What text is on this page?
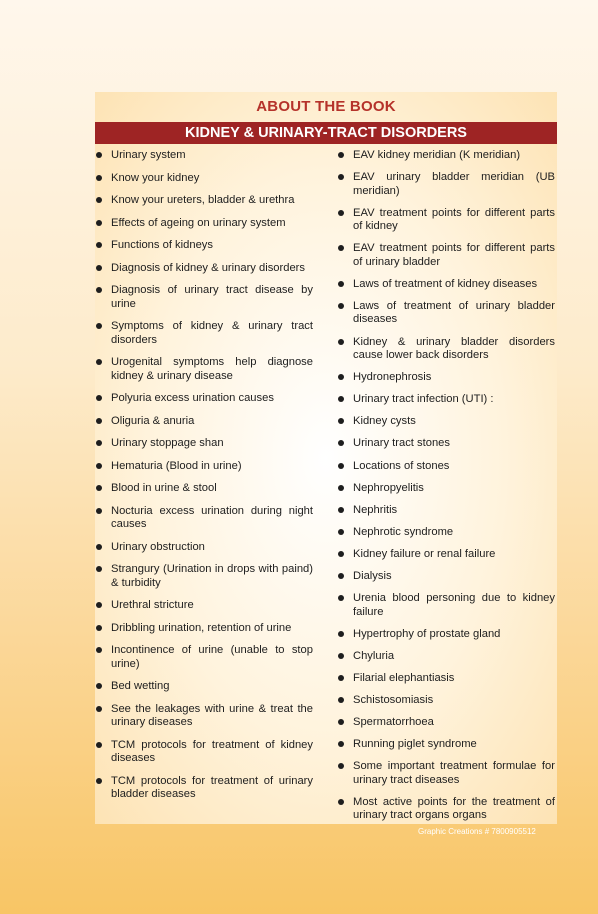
ABOUT THE BOOK
KIDNEY & URINARY-TRACT DISORDERS
Urinary system
Know your kidney
Know your ureters, bladder & urethra
Effects of ageing on urinary system
Functions of kidneys
Diagnosis of kidney & urinary disorders
Diagnosis of urinary tract disease by urine
Symptoms of kidney & urinary tract disorders
Urogenital symptoms help diagnose kidney & urinary disease
Polyuria excess urination causes
Oliguria & anuria
Urinary stoppage shan
Hematuria (Blood in urine)
Blood in urine & stool
Nocturia excess urination during night causes
Urinary obstruction
Strangury (Urination in drops with paind) & turbidity
Urethral stricture
Dribbling urination, retention of urine
Incontinence of urine (unable to stop urine)
Bed wetting
See the leakages with urine & treat the urinary diseases
TCM protocols for treatment of kidney diseases
TCM protocols for treatment of urinary bladder diseases
EAV kidney meridian (K meridian)
EAV urinary bladder meridian (UB meridian)
EAV treatment points for different parts of kidney
EAV treatment points for different parts of urinary bladder
Laws of treatment of kidney diseases
Laws of treatment of urinary bladder diseases
Kidney & urinary bladder disorders cause lower back disorders
Hydronephrosis
Urinary tract infection (UTI) :
Kidney cysts
Urinary tract stones
Locations of stones
Nephropyelitis
Nephritis
Nephrotic syndrome
Kidney failure or renal failure
Dialysis
Urenia blood personing due to kidney failure
Hypertrophy of prostate gland
Chyluria
Filarial elephantiasis
Schistosomiasis
Spermatorrhoea
Running piglet syndrome
Some important treatment formulae for urinary tract diseases
Most active points for the treatment of urinary tract organs organs
Graphic Creations # 7800905512
